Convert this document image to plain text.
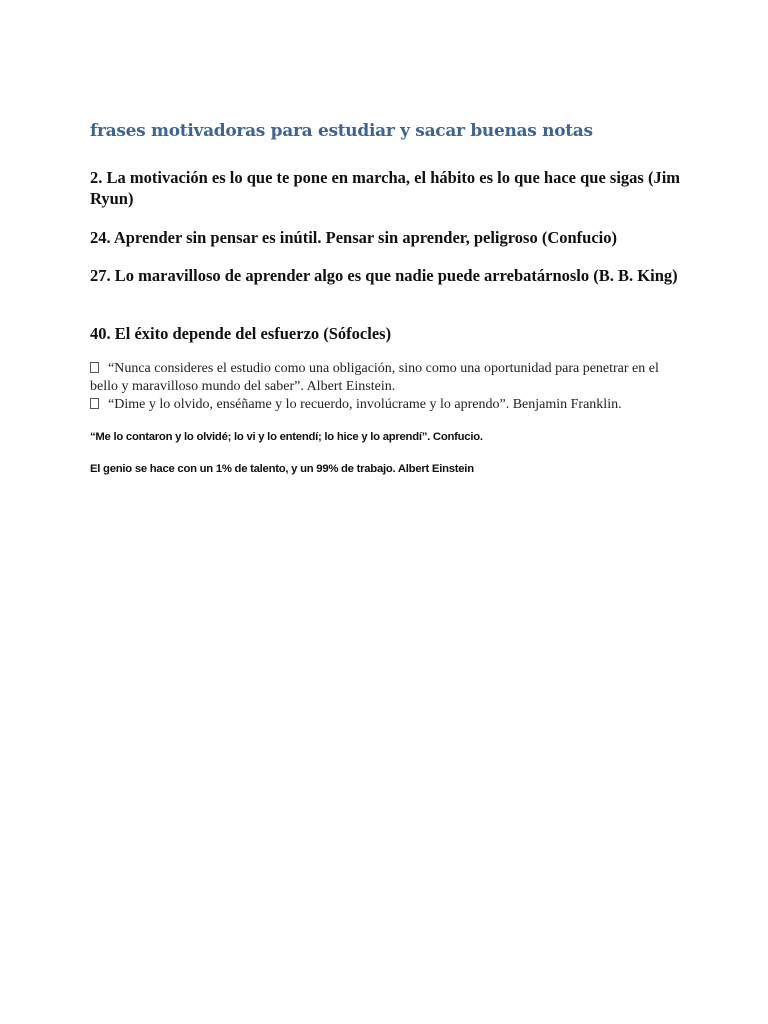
frases motivadoras para estudiar y sacar buenas notas

2. La motivación es lo que te pone en marcha, el hábito es lo que hace que sigas (Jim Ryun)

24. Aprender sin pensar es inútil. Pensar sin aprender, peligroso (Confucio)

27. Lo maravilloso de aprender algo es que nadie puede arrebatárnoslo (B. B. King)

40. El éxito depende del esfuerzo (Sófocles)

“Nunca consideres el estudio como una obligación, sino como una oportunidad para penetrar en el bello y maravilloso mundo del saber”. Albert Einstein.
“Dime y lo olvido, enséñame y lo recuerdo, involúcrame y lo aprendo”. Benjamin Franklin.

“Me lo contaron y lo olvidé; lo vi y lo entendí; lo hice y lo aprendí”. Confucio.

El genio se hace con un 1% de talento, y un 99% de trabajo. Albert Einstein
